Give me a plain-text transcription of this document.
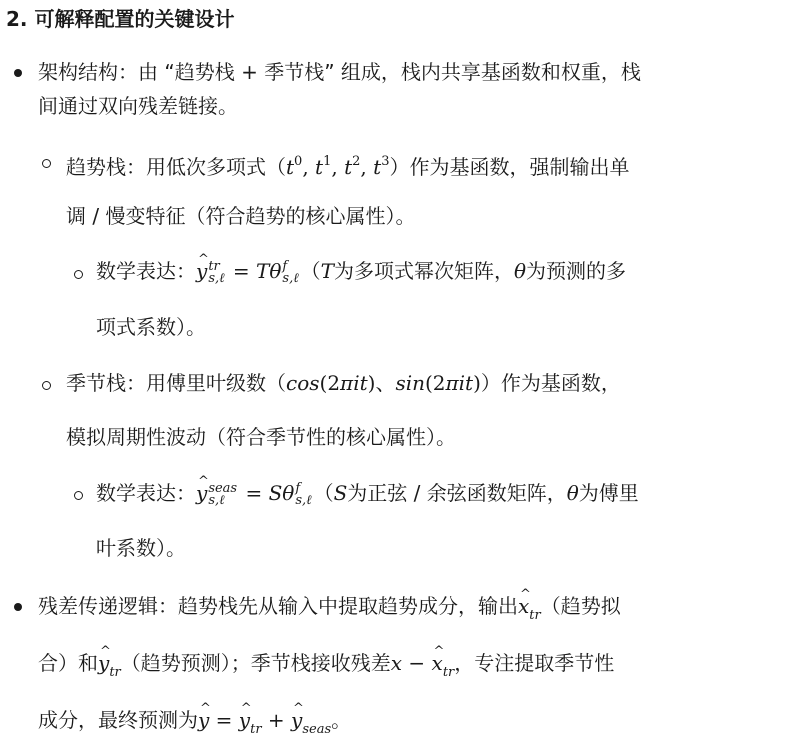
2. 可解释配置的关键设计
架构结构：由 “趋势栈 + 季节栈” 组成，栈内共享基函数和权重，栈
间通过双向残差链接。
趋势栈：用低次多项式（$t^0$, $t^1$, $t^2$, $t^3$）作为基函数，强制输出单
调 / 慢变特征（符合趋势的核心属性）。
数学表达：^ y tr
s,ℓ = Tθ f
s,ℓ （T为多项式幂次矩阵，θ为预测的多
项式系数）。
季节栈：用傅里叶级数（cos(2πit)、sin(2πit)）作为基函数，
模拟周期性波动（符合季节性的核心属性）。
数学表达：^ y seas
s,ℓ	= Sθ f
s,ℓ （S为正弦 / 余弦函数矩阵，θ为傅里
叶系数）。
残差传递逻辑：趋势栈先从输入中提取趋势成分，输出^ $x_{tr}$（趋势拟
合）和^ $y_{tr}$（趋势预测）；季节栈接收残差x − ^ $x_{tr}$，专注提取季节性
成分，最终预测为^ y = ^ $y_{tr}$ + ^ $y_{seas}$。
